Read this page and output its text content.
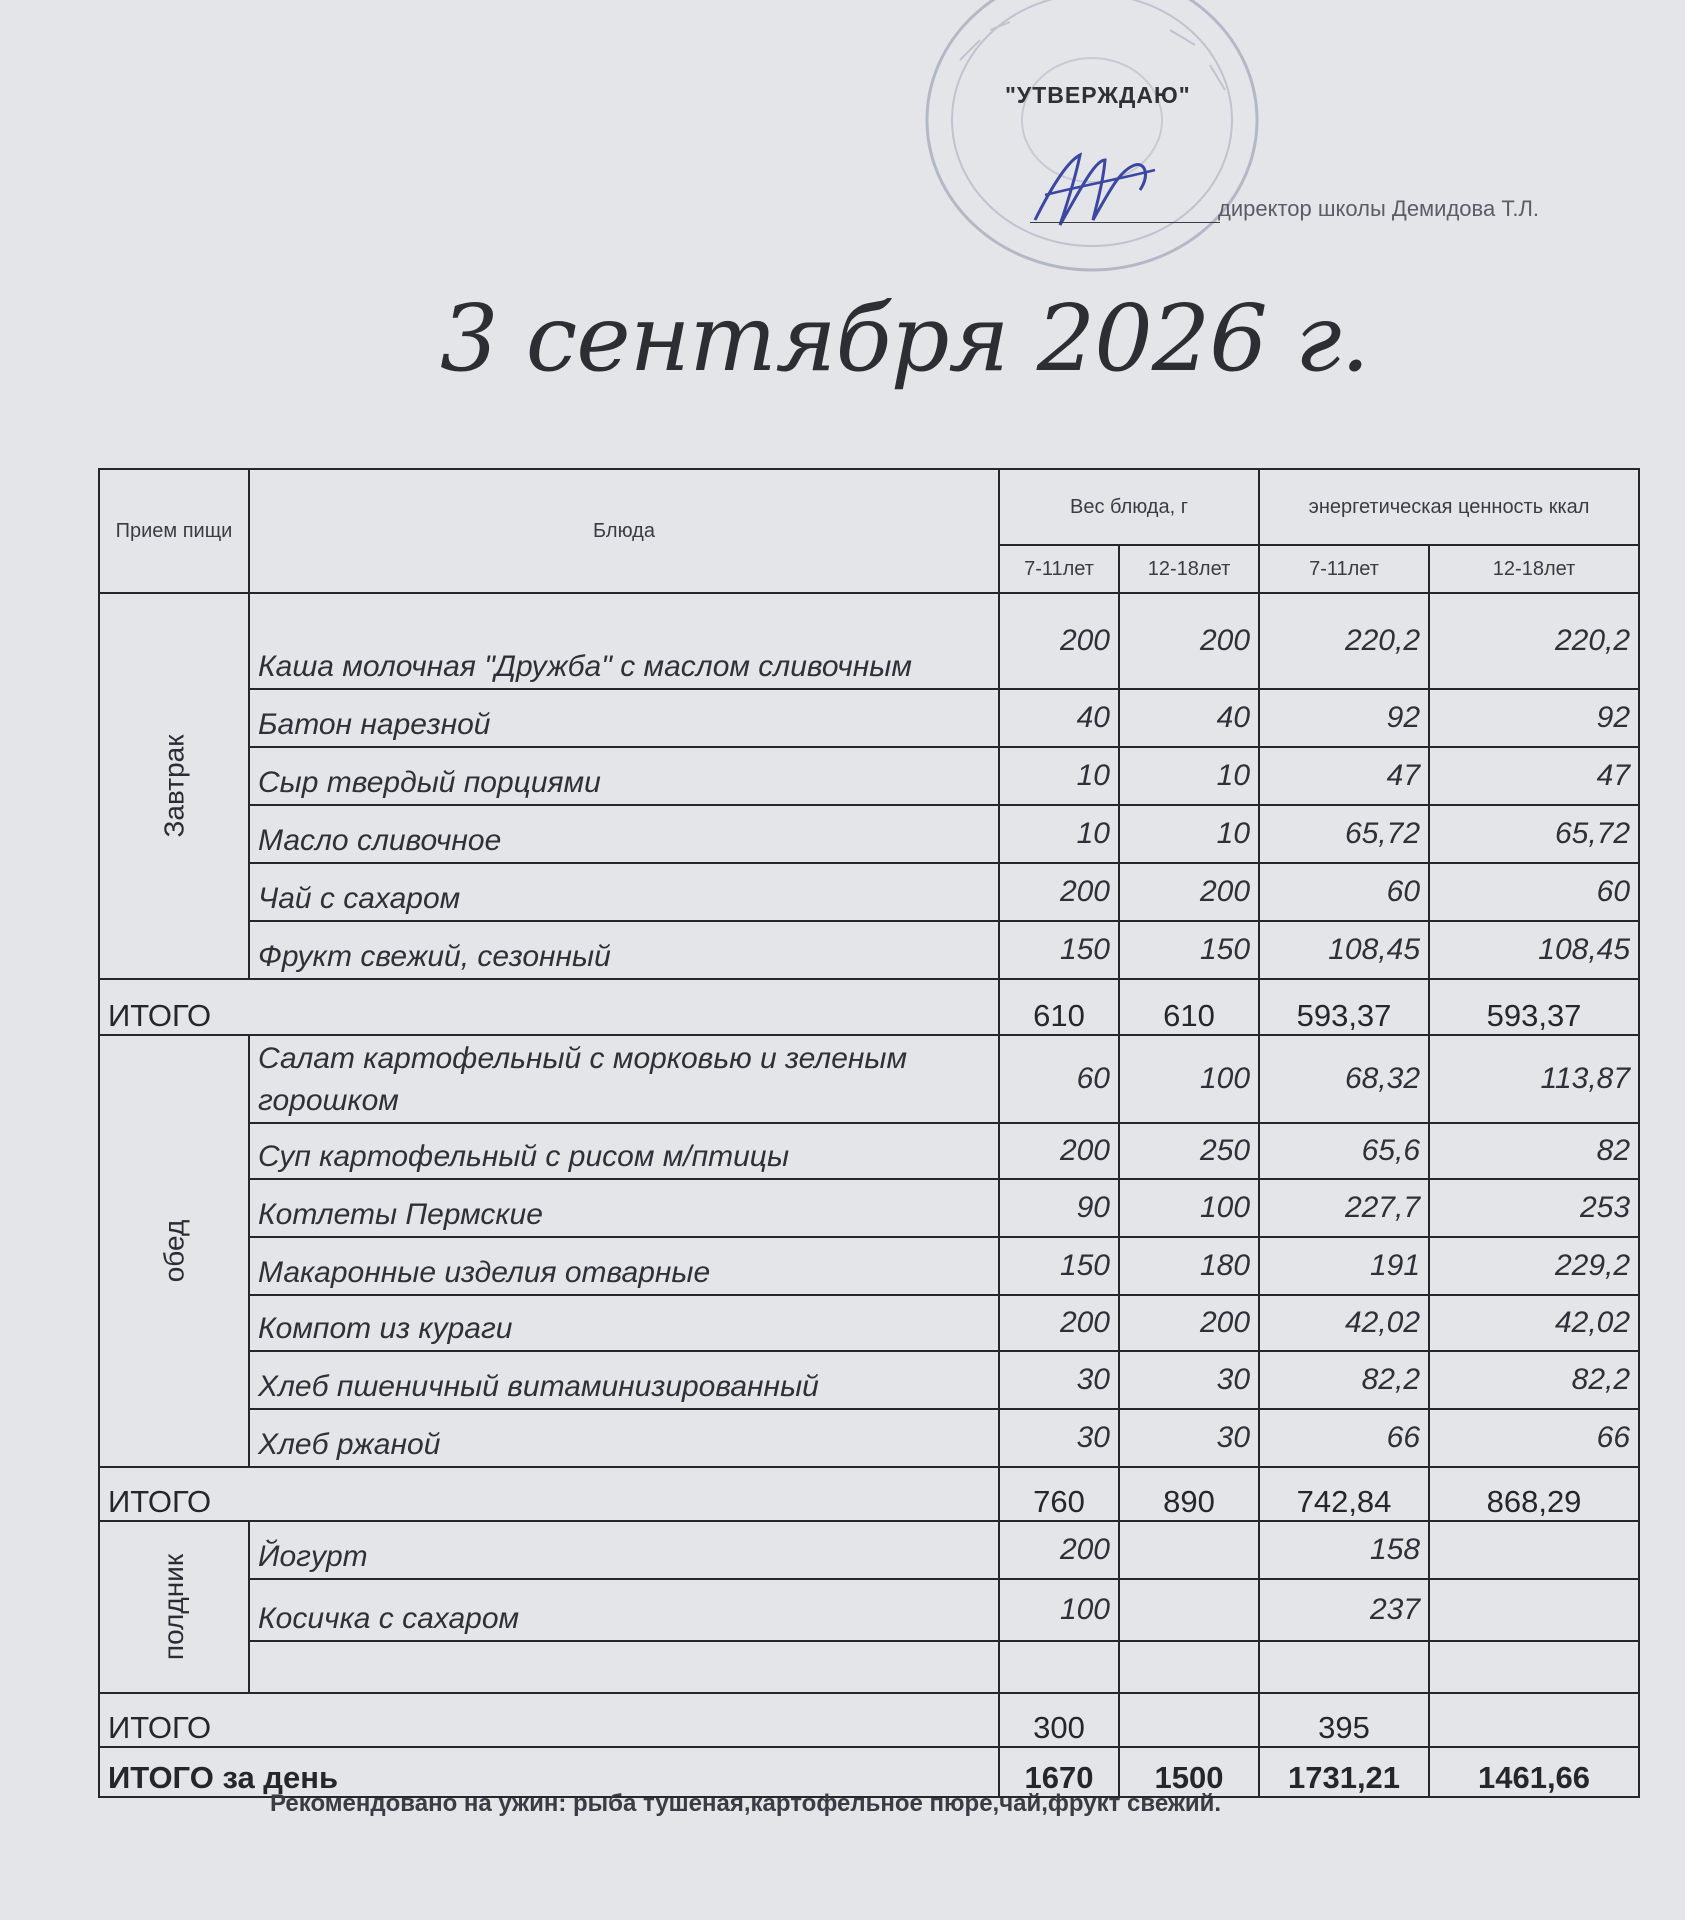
"УТВЕРЖДАЮ"
директор школы Демидова Т.Л.
3 сентября 2026 г.
Прием пищи	Блюда	Вес блюда, г		энергетическая ценность ккал	
		7-11лет	12-18лет	7-11лет	12-18лет
Завтрак	Каша молочная "Дружба" с маслом сливочным	200	200	220,2	220,2
	Батон нарезной	40	40	92	92
	Сыр твердый порциями	10	10	47	47
	Масло сливочное	10	10	65,72	65,72
	Чай с сахаром	200	200	60	60
	Фрукт свежий, сезонный	150	150	108,45	108,45
ИТОГО		610	610	593,37	593,37
обед	Салат картофельный с морковью и зеленым горошком	60	100	68,32	113,87
	Суп картофельный с рисом м/птицы	200	250	65,6	82
	Котлеты Пермские	90	100	227,7	253
	Макаронные изделия отварные	150	180	191	229,2
	Компот из кураги	200	200	42,02	42,02
	Хлеб пшеничный витаминизированный	30	30	82,2	82,2
	Хлеб ржаной	30	30	66	66
ИТОГО		760	890	742,84	868,29
полдник	Йогурт	200		158	
	Косичка с сахаром	100		237	

ИТОГО		300		395	
ИТОГО за день		1670	1500	1731,21	1461,66
Рекомендовано на ужин: рыба тушеная,картофельное пюре,чай,фрукт свежий.
